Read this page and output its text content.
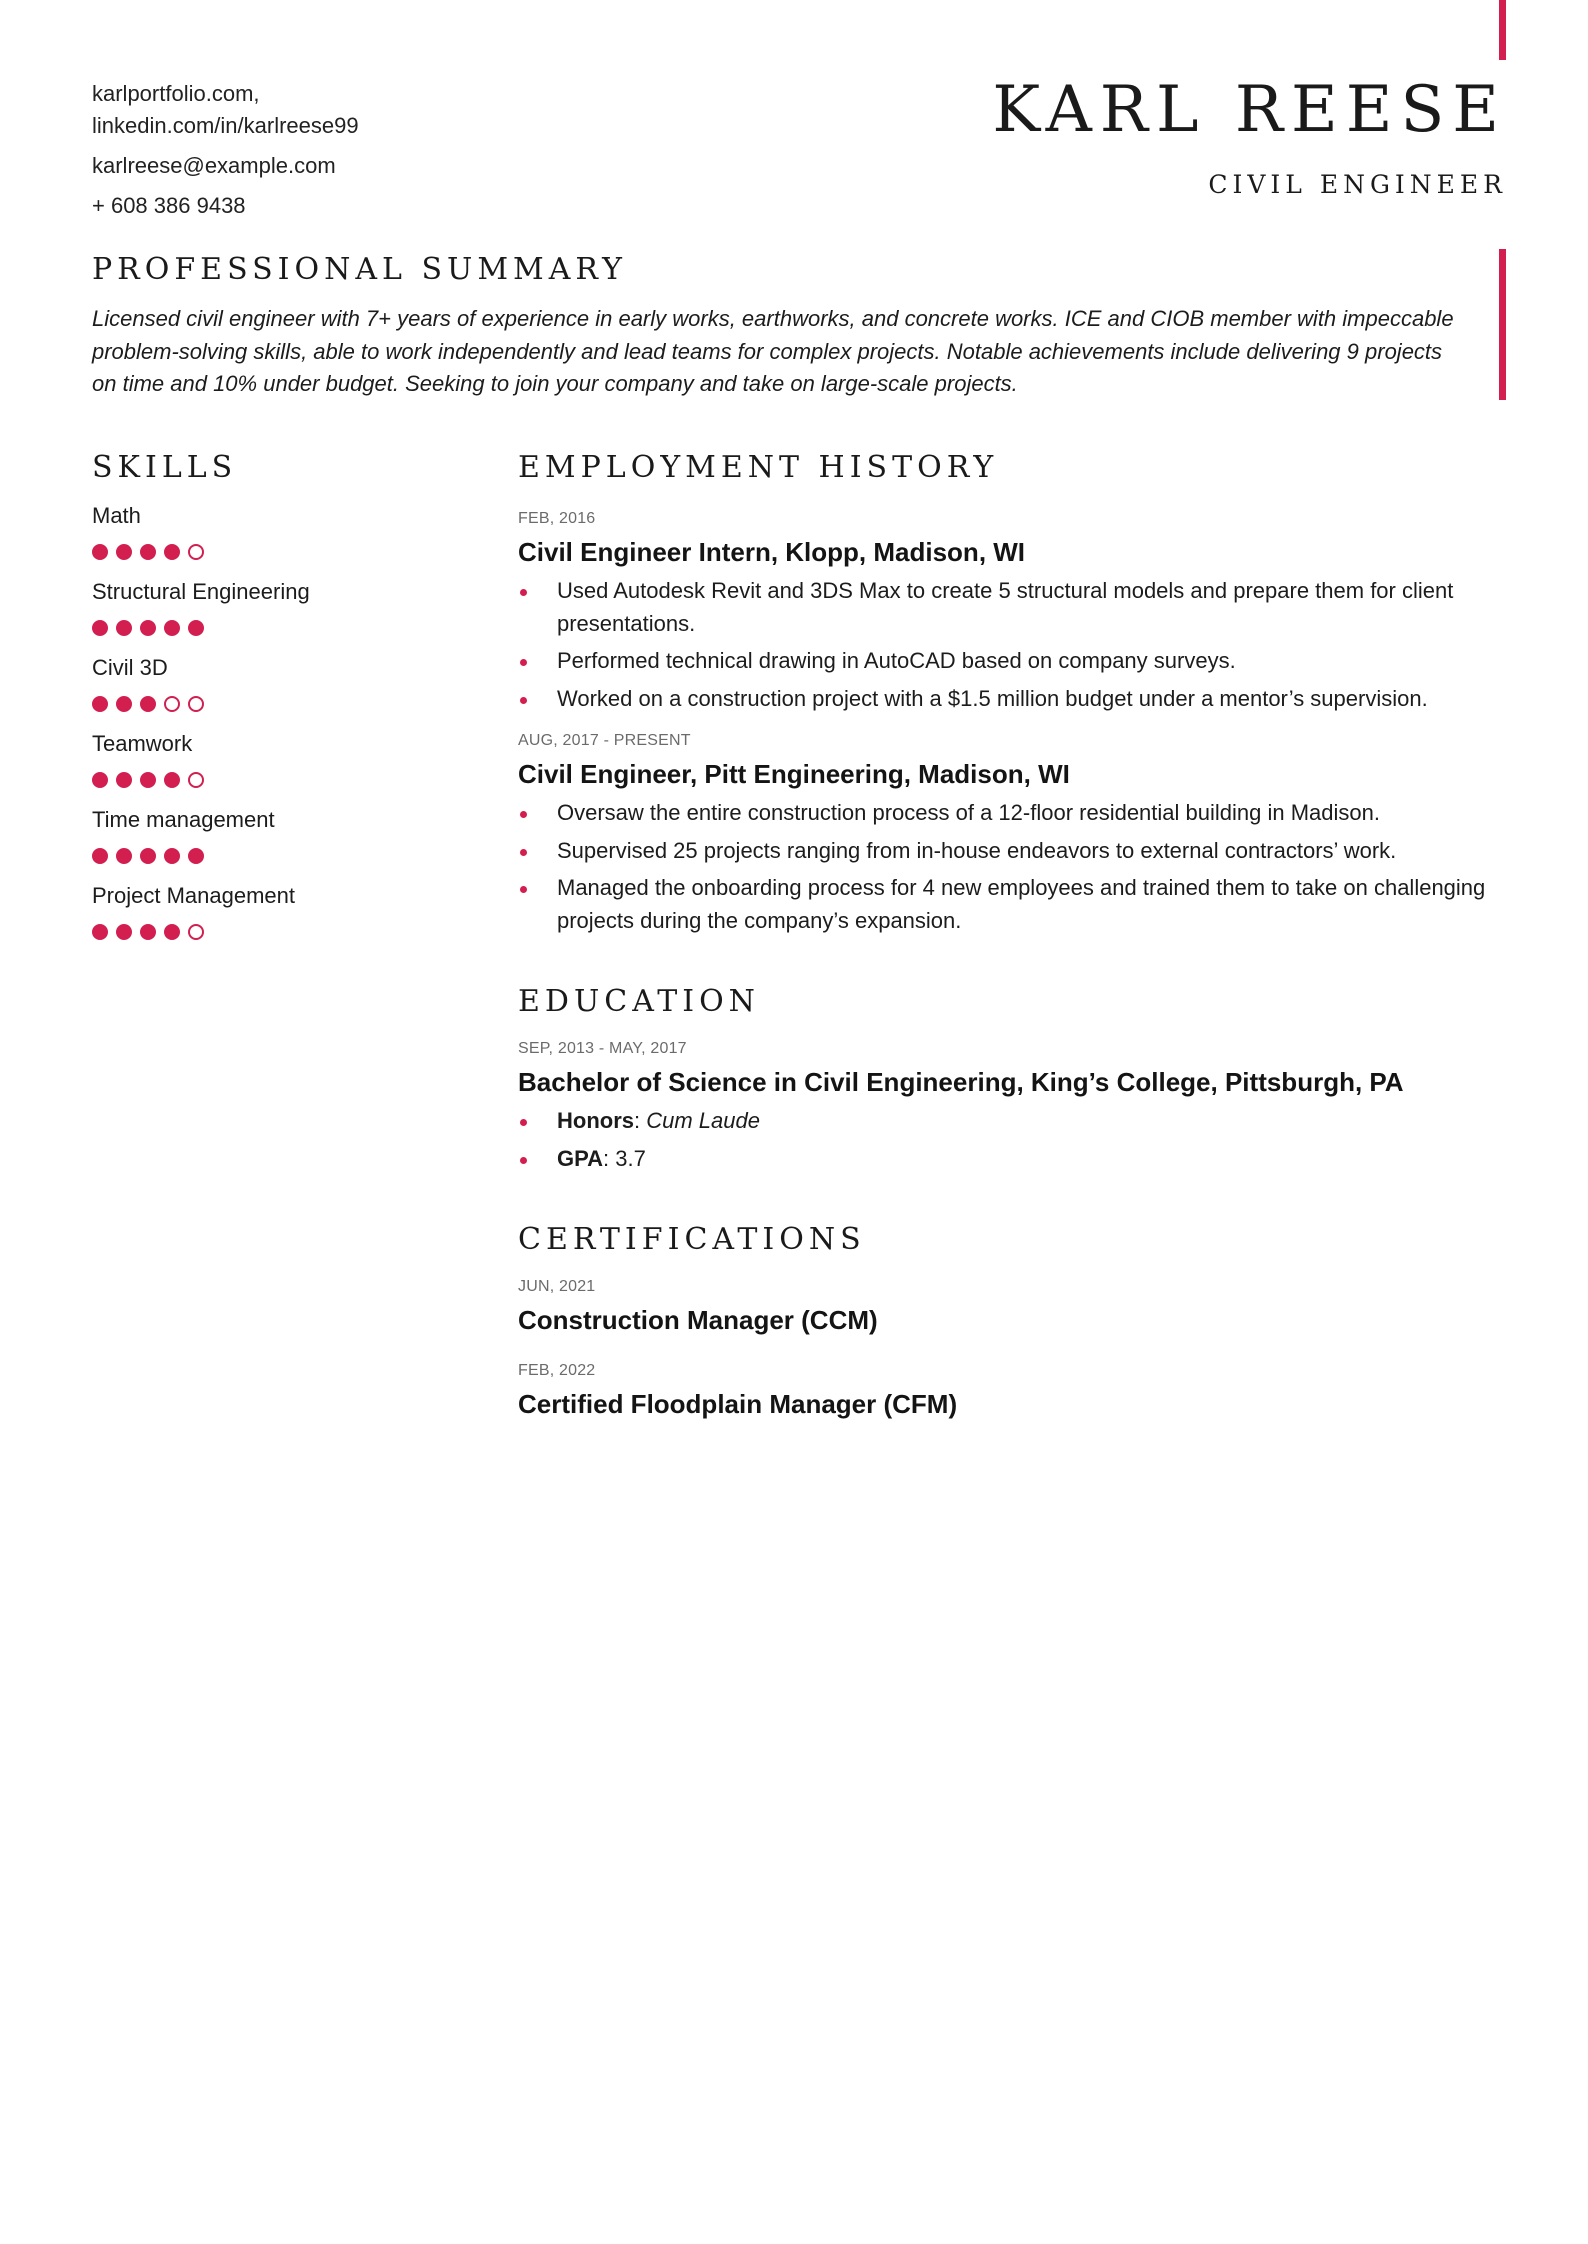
karlportfolio.com,
linkedin.com/in/karlreese99
karlreese@example.com
+ 608 386 9438
KARL REESE
CIVIL ENGINEER
PROFESSIONAL SUMMARY
Licensed civil engineer with 7+ years of experience in early works, earthworks, and concrete works. ICE and CIOB member with impeccable problem-solving skills, able to work independently and lead teams for complex projects. Notable achievements include delivering 9 projects on time and 10% under budget. Seeking to join your company and take on large-scale projects.
SKILLS
Math
Structural Engineering
Civil 3D
Teamwork
Time management
Project Management
EMPLOYMENT HISTORY
FEB, 2016
Civil Engineer Intern, Klopp, Madison, WI
Used Autodesk Revit and 3DS Max to create 5 structural models and prepare them for client presentations.
Performed technical drawing in AutoCAD based on company surveys.
Worked on a construction project with a $1.5 million budget under a mentor’s supervision.
AUG, 2017 - PRESENT
Civil Engineer, Pitt Engineering, Madison, WI
Oversaw the entire construction process of a 12-floor residential building in Madison.
Supervised 25 projects ranging from in-house endeavors to external contractors’ work.
Managed the onboarding process for 4 new employees and trained them to take on challenging projects during the company’s expansion.
EDUCATION
SEP, 2013 - MAY, 2017
Bachelor of Science in Civil Engineering, King’s College, Pittsburgh, PA
Honors: Cum Laude
GPA: 3.7
CERTIFICATIONS
JUN, 2021
Construction Manager (CCM)
FEB, 2022
Certified Floodplain Manager (CFM)
